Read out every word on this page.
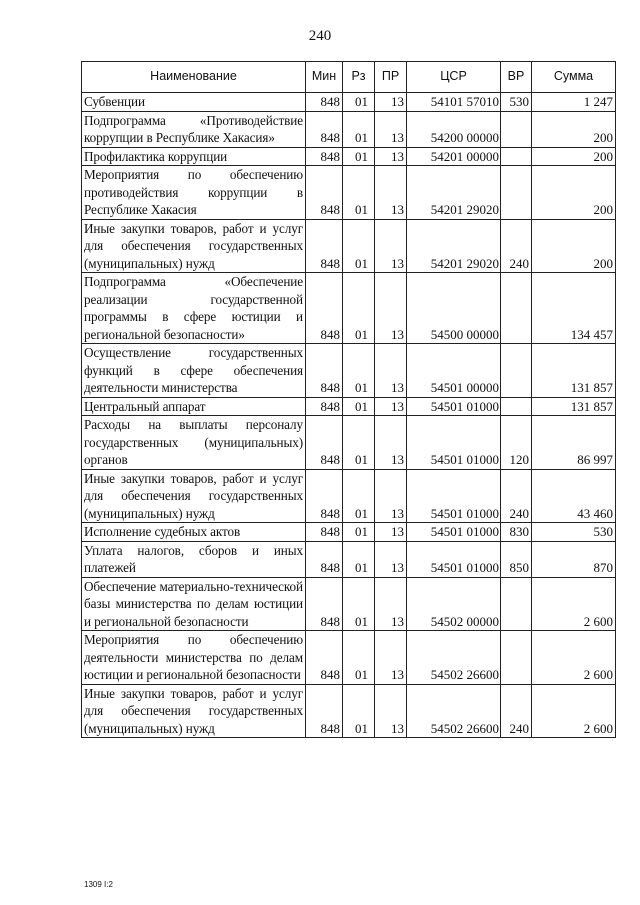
240
Наименование	Мин	Рз	ПР	ЦСР	ВР	Сумма
Субвенции	848	01	13	54101 57010	530	1 247
Подпрограмма «Противодействие коррупции в Республике Хакасия»	848	01	13	54200 00000		200
Профилактика коррупции	848	01	13	54201 00000		200
Мероприятия по обеспечению противодействия коррупции в Республике Хакасия	848	01	13	54201 29020		200
Иные закупки товаров, работ и услуг для обеспечения государственных (муниципальных) нужд	848	01	13	54201 29020	240	200
Подпрограмма «Обеспечение реализации государственной программы в сфере юстиции и региональной безопасности»	848	01	13	54500 00000		134 457
Осуществление государственных функций в сфере обеспечения деятельности министерства	848	01	13	54501 00000		131 857
Центральный аппарат	848	01	13	54501 01000		131 857
Расходы на выплаты персоналу государственных (муниципальных) органов	848	01	13	54501 01000	120	86 997
Иные закупки товаров, работ и услуг для обеспечения государственных (муниципальных) нужд	848	01	13	54501 01000	240	43 460
Исполнение судебных актов	848	01	13	54501 01000	830	530
Уплата налогов, сборов и иных платежей	848	01	13	54501 01000	850	870
Обеспечение материально-технической базы министерства по делам юстиции и региональной безопасности	848	01	13	54502 00000		2 600
Мероприятия по обеспечению деятельности министерства по делам юстиции и региональной безопасности	848	01	13	54502 26600		2 600
Иные закупки товаров, работ и услуг для обеспечения государственных (муниципальных) нужд	848	01	13	54502 26600	240	2 600
1309 I:2
